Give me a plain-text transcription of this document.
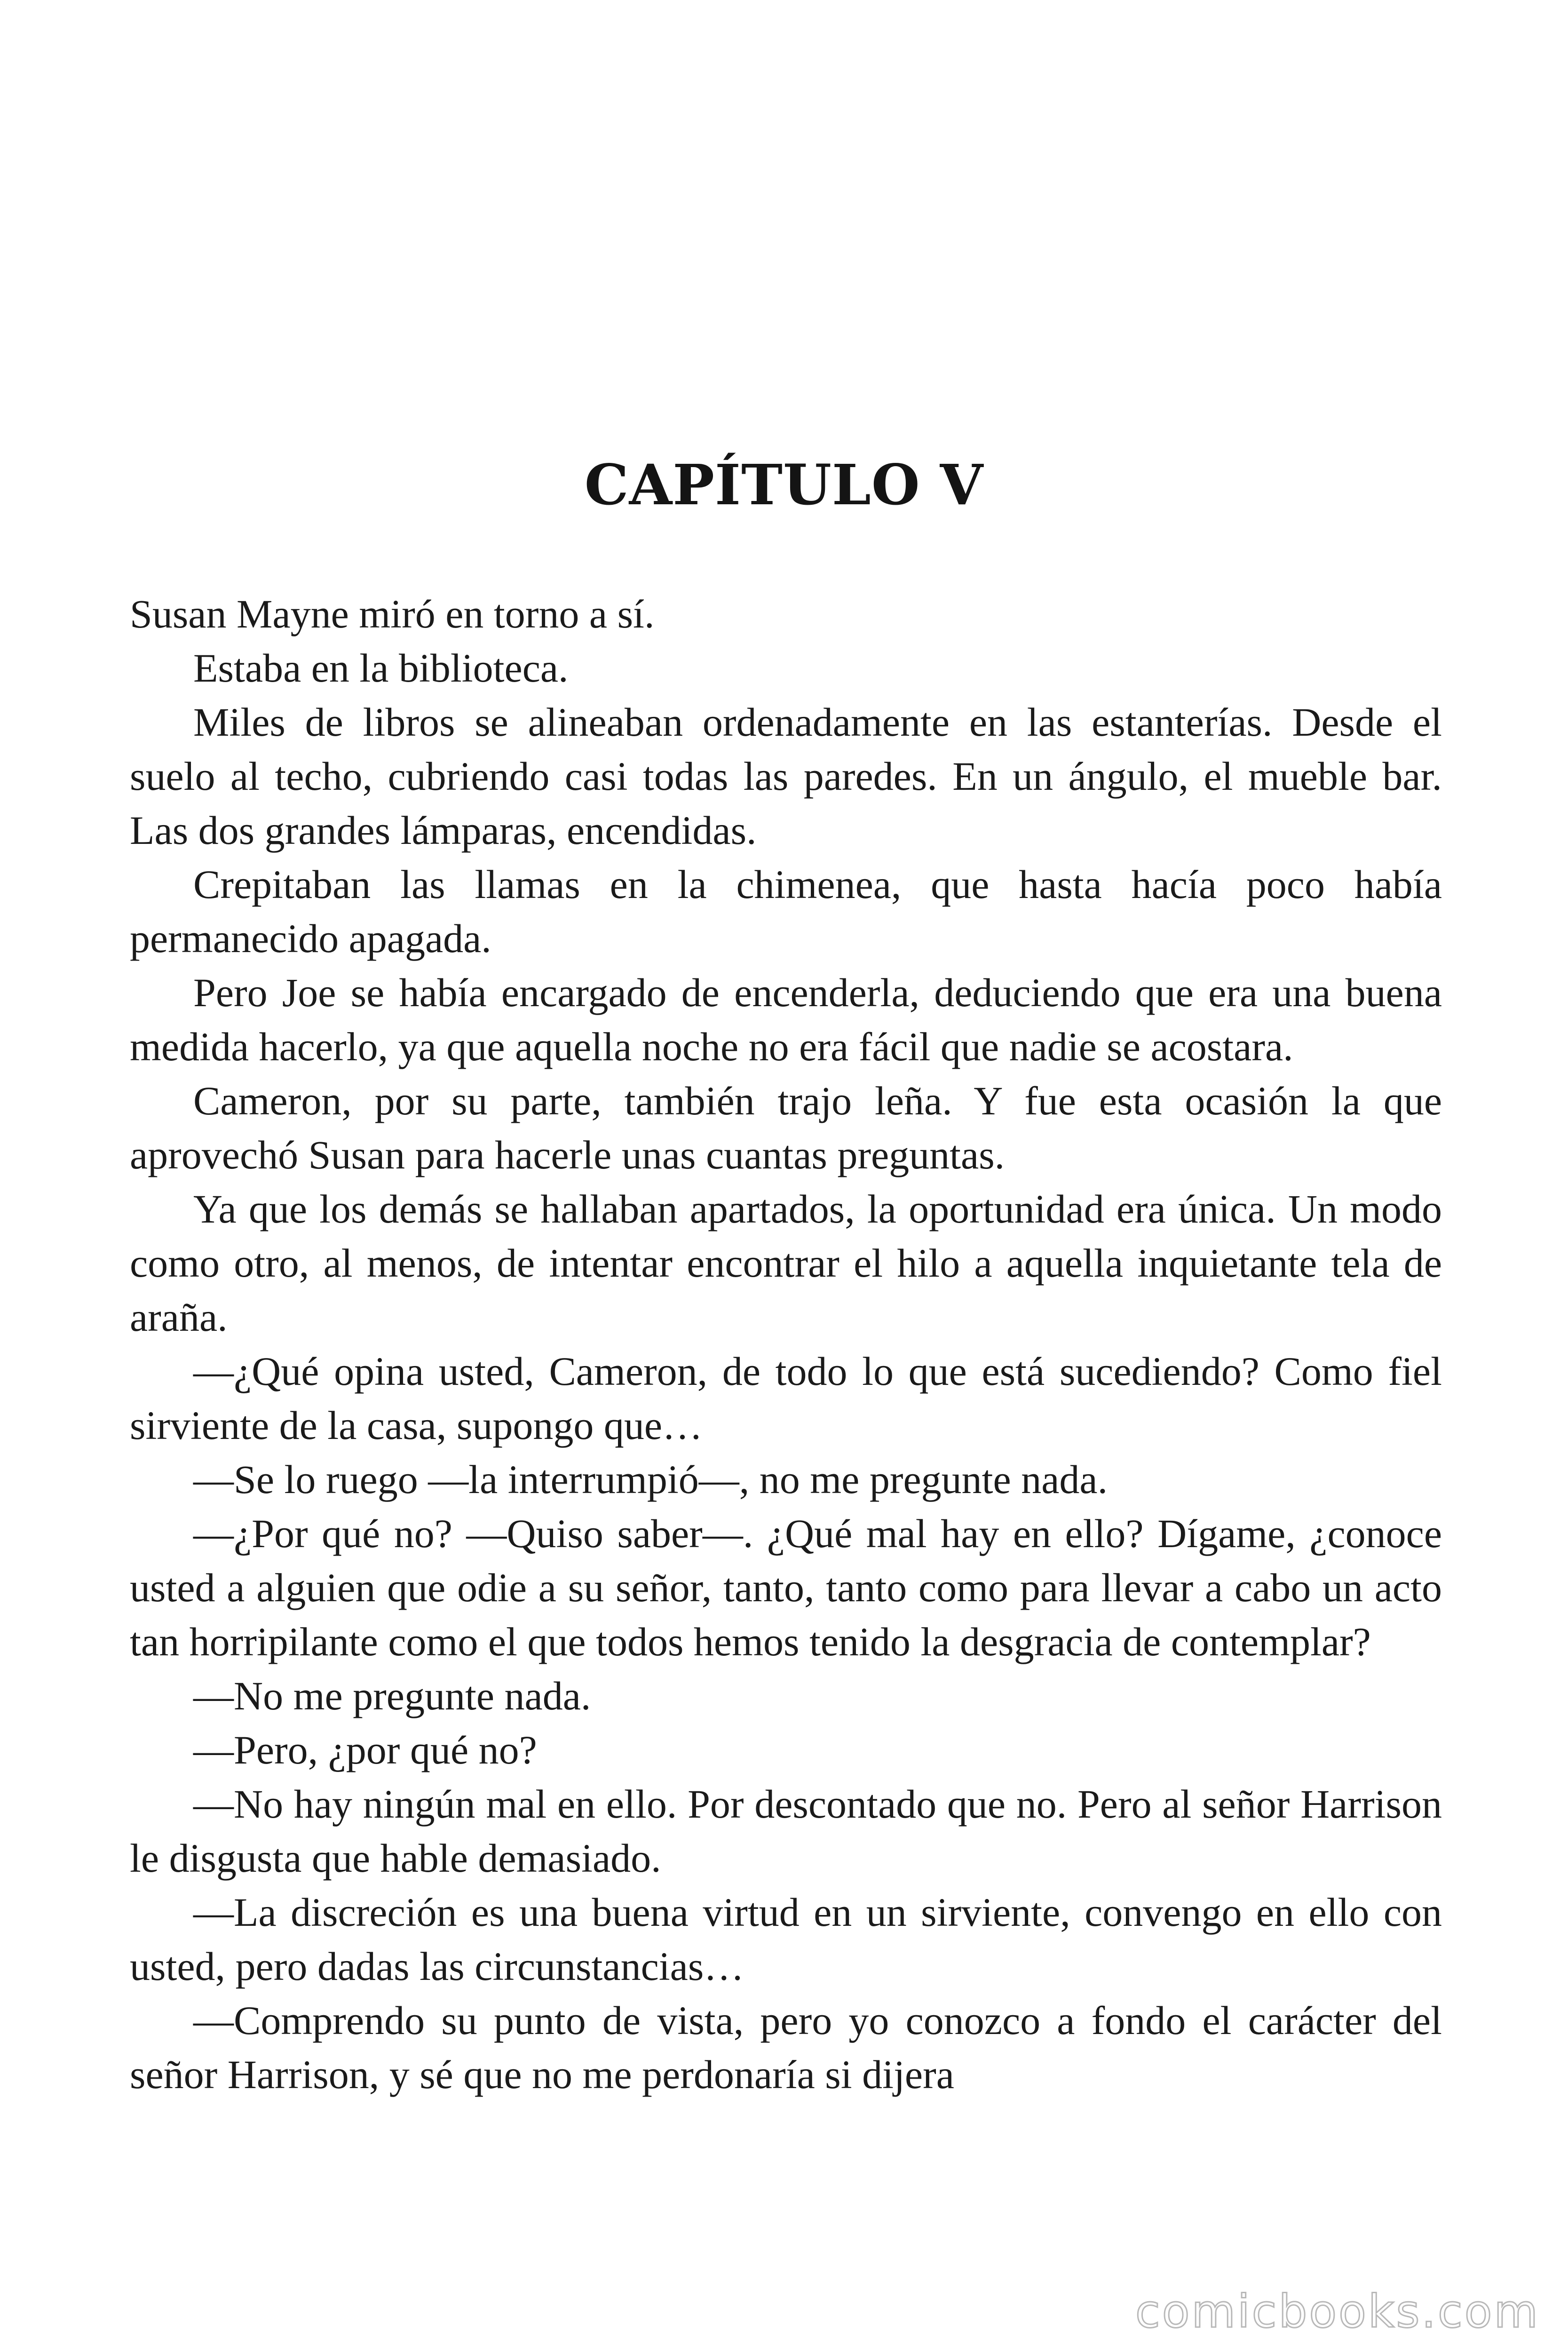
CAPÍTULO V

Susan Mayne miró en torno a sí.

Estaba en la biblioteca.

Miles de libros se alineaban ordenadamente en las estanterías. Desde el suelo al techo, cubriendo casi todas las paredes. En un ángulo, el mueble bar. Las dos grandes lámparas, encendidas.

Crepitaban las llamas en la chimenea, que hasta hacía poco había permanecido apagada.

Pero Joe se había encargado de encenderla, deduciendo que era una buena medida hacerlo, ya que aquella noche no era fácil que nadie se acostara.

Cameron, por su parte, también trajo leña. Y fue esta ocasión la que aprovechó Susan para hacerle unas cuantas preguntas.

Ya que los demás se hallaban apartados, la oportunidad era única. Un modo como otro, al menos, de intentar encontrar el hilo a aquella inquietante tela de araña.

—¿Qué opina usted, Cameron, de todo lo que está sucediendo? Como fiel sirviente de la casa, supongo que…

—Se lo ruego —la interrumpió—, no me pregunte nada.

—¿Por qué no? —Quiso saber—. ¿Qué mal hay en ello? Dígame, ¿conoce usted a alguien que odie a su señor, tanto, tanto como para llevar a cabo un acto tan horripilante como el que todos hemos tenido la desgracia de contemplar?

—No me pregunte nada.

—Pero, ¿por qué no?

—No hay ningún mal en ello. Por descontado que no. Pero al señor Harrison le disgusta que hable demasiado.

—La discreción es una buena virtud en un sirviente, convengo en ello con usted, pero dadas las circunstancias…

—Comprendo su punto de vista, pero yo conozco a fondo el carácter del señor Harrison, y sé que no me perdonaría si dijera

comicbooks.com
